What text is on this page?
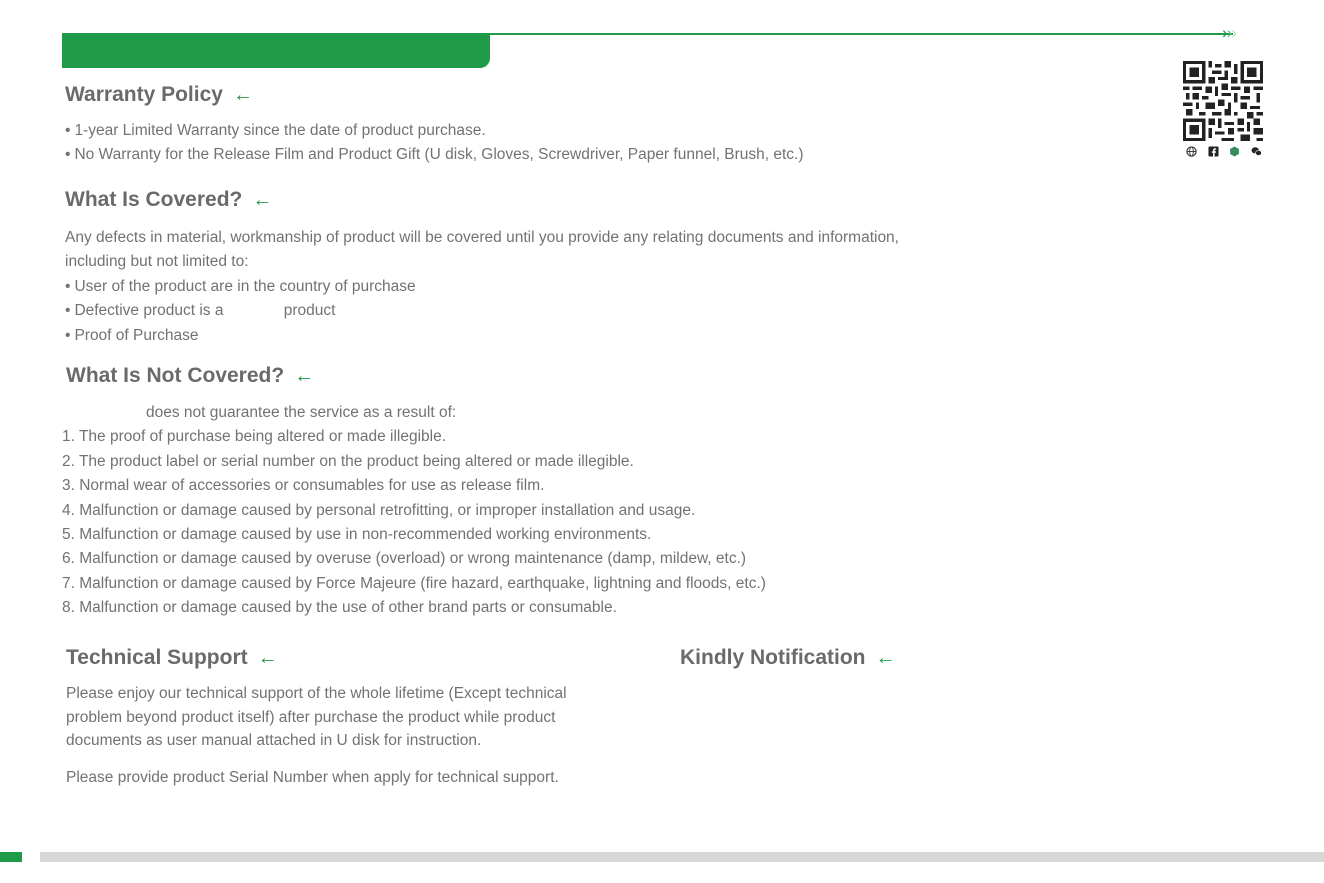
›››
Warranty Policy ←
• 1-year Limited Warranty since the date of product purchase.
• No Warranty for the Release Film and Product Gift (U disk, Gloves, Screwdriver, Paper funnel, Brush, etc.)
What Is Covered? ←

Any defects in material, workmanship of product will be covered until you provide any relating documents and information,

including but not limited to:

• User of the product are in the country of purchase
• Defective product is a              product
• Proof of Purchase
What Is Not Covered? ←

does not guarantee the service as a result of:

1. The proof of purchase being altered or made illegible.
2. The product label or serial number on the product being altered or made illegible.
3. Normal wear of accessories or consumables for use as release film.
4. Malfunction or damage caused by personal retrofitting, or improper installation and usage.
5. Malfunction or damage caused by use in non-recommended working environments.
6. Malfunction or damage caused by overuse (overload) or wrong maintenance (damp, mildew, etc.)
7. Malfunction or damage caused by Force Majeure (fire hazard, earthquake, lightning and floods, etc.)
8. Malfunction or damage caused by the use of other brand parts or consumable.
Technical Support ←

Please enjoy our technical support of the whole lifetime (Except technical

problem beyond product itself) after purchase the product while product

documents as user manual attached in U disk for instruction.

Please provide product Serial Number when apply for technical support.

Kindly Notification ←
